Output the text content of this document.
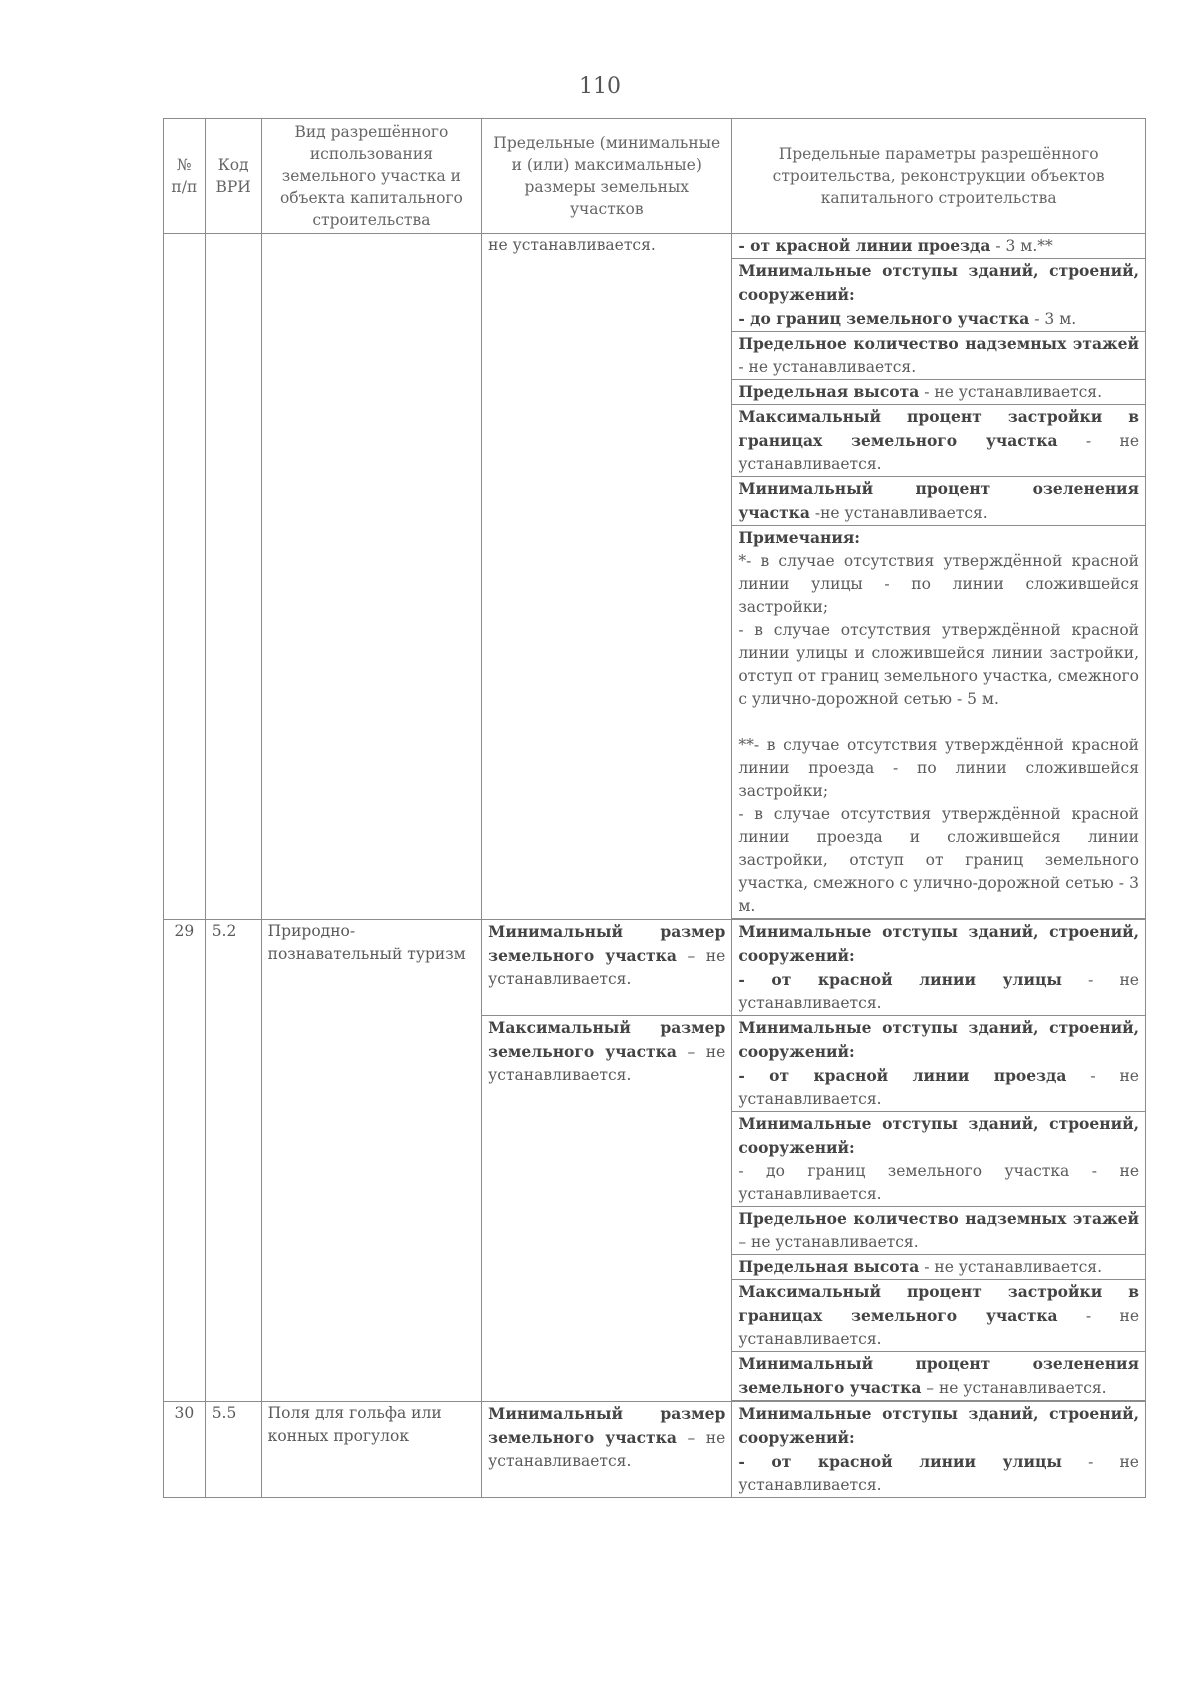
110
№ п/п	Код ВРИ	Вид разрешённого использования земельного участка и объекта капитального строительства	Предельные (минимальные и (или) максимальные) размеры земельных участков	Предельные параметры разрешённого строительства, реконструкции объектов капитального строительства
			не устанавливается.	- от красной линии проезда - 3 м.**
				Минимальные отступы зданий, строений, сооружений:
- до границ земельного участка - 3 м.
				Предельное количество надземных этажей - не устанавливается.
				Предельная высота - не устанавливается.
				Максимальный процент застройки в границах земельного участка - не устанавливается.
				Минимальный процент озеленения участка -не устанавливается.
				Примечания:
*- в случае отсутствия утверждённой красной линии улицы - по линии сложившейся застройки;
- в случае отсутствия утверждённой красной линии улицы и сложившейся линии застройки, отступ от границ земельного участка, смежного с улично-дорожной сетью - 5 м.

**- в случае отсутствия утверждённой красной линии проезда - по линии сложившейся застройки;
- в случае отсутствия утверждённой красной линии проезда и сложившейся линии застройки, отступ от границ земельного участка, смежного с улично-дорожной сетью - 3 м.

29	5.2	Природно-познавательный туризм	Минимальный размер земельного участка – не устанавливается.	Минимальные отступы зданий, строений, сооружений:
- от красной линии улицы - не устанавливается.
			Максимальный размер земельного участка – не устанавливается.	Минимальные отступы зданий, строений, сооружений:
- от красной линии проезда - не устанавливается.
				Минимальные отступы зданий, строений, сооружений:
- до границ земельного участка - не устанавливается.
				Предельное количество надземных этажей – не устанавливается.
				Предельная высота - не устанавливается.
				Максимальный процент застройки в границах земельного участка - не устанавливается.
				Минимальный процент озеленения земельного участка – не устанавливается.

30	5.5	Поля для гольфа или конных прогулок	Минимальный размер земельного участка – не устанавливается.	Минимальные отступы зданий, строений, сооружений:
- от красной линии улицы - не устанавливается.
